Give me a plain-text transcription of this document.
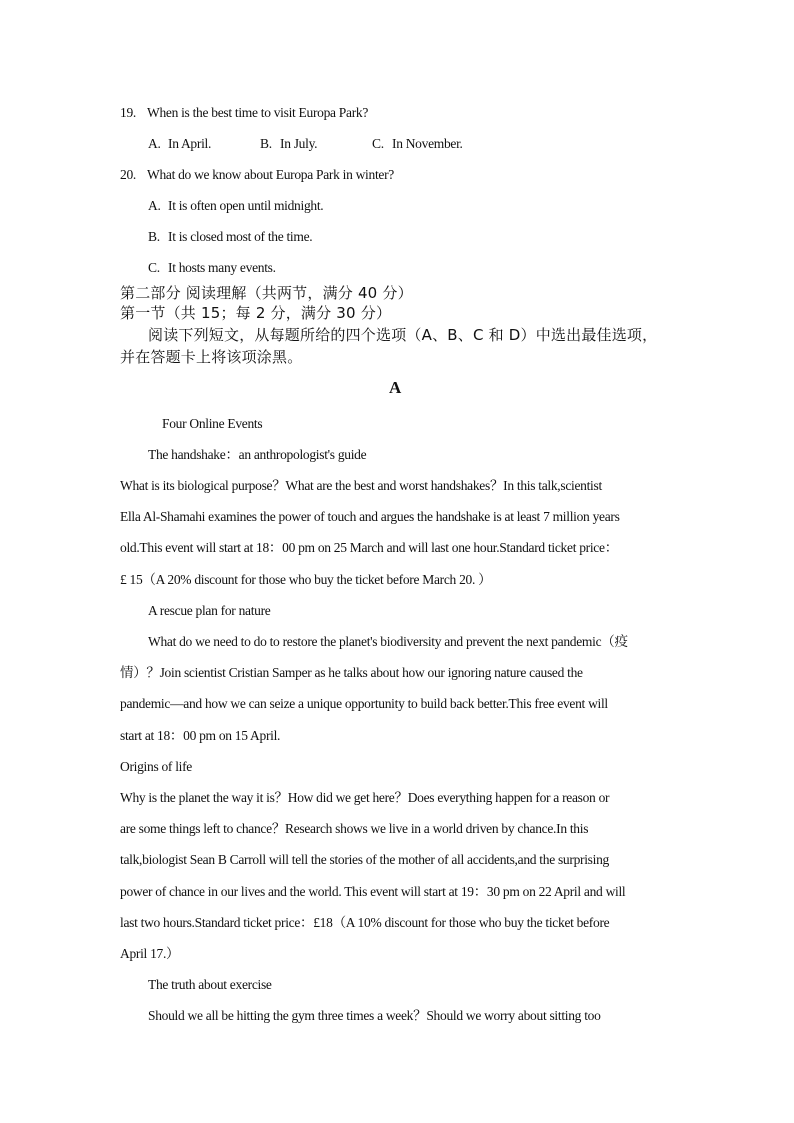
19. When is the best time to visit Europa Park?
A. In April.	B. In July.	C. In November.
20. What do we know about Europa Park in winter?
A. It is often open until midnight.
B. It is closed most of the time.
C. It hosts many events.
第二部分 阅读理解（共两节，满分 40 分）
第一节（共 15；每 2 分，满分 30 分）
阅读下列短文，从每题所给的四个选项（A、B、C 和 D）中选出最佳选项，
并在答题卡上将该项涂黑。
A
Four Online Events
The handshake：an anthropologist's guide
What is its biological purpose？What are the best and worst handshakes？In this talk,scientist
Ella Al-Shamahi examines the power of touch and argues the handshake is at least 7 million years
old.This event will start at 18：00 pm on 25 March and will last one hour.Standard ticket price：
£ 15（A 20% discount for those who buy the ticket before March 20. ）
A rescue plan for nature
What do we need to do to restore the planet's biodiversity and prevent the next pandemic（疫
情）？Join scientist Cristian Samper as he talks about how our ignoring nature caused the
pandemic—and how we can seize a unique opportunity to build back better.This free event will
start at 18：00 pm on 15 April.
Origins of life
Why is the planet the way it is？How did we get here？Does everything happen for a reason or
are some things left to chance？Research shows we live in a world driven by chance.In this
talk,biologist Sean B Carroll will tell the stories of the mother of all accidents,and the surprising
power of chance in our lives and the world. This event will start at 19：30 pm on 22 April and will
last two hours.Standard ticket price：£18（A 10% discount for those who buy the ticket before
April 17.）
The truth about exercise
Should we all be hitting the gym three times a week？Should we worry about sitting too
